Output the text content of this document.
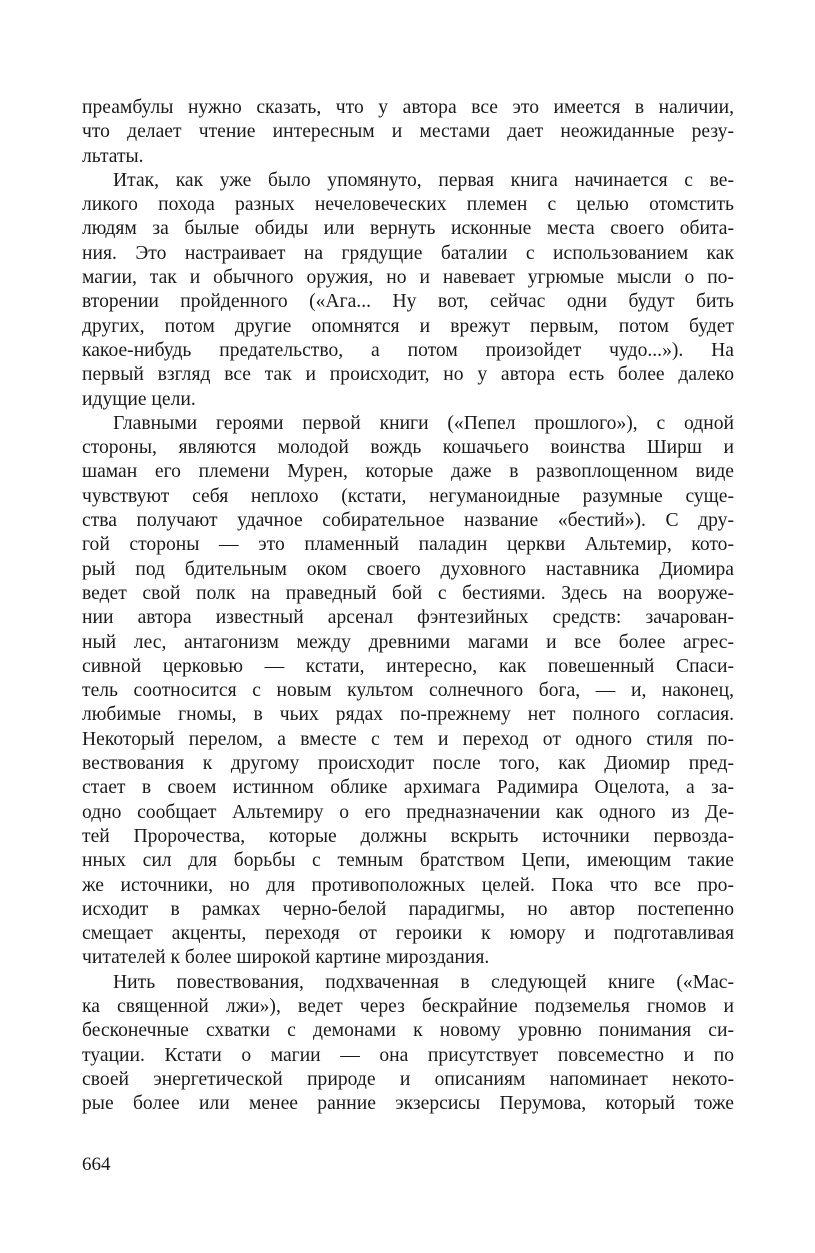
преамбулы нужно сказать, что у автора все это имеется в наличии,
что делает чтение интересным и местами дает неожиданные резу-
льтаты.
Итак, как уже было упомянуто, первая книга начинается с ве-
ликого похода разных нечеловеческих племен с целью отомстить
людям за былые обиды или вернуть исконные места своего обита-
ния. Это настраивает на грядущие баталии с использованием как
магии, так и обычного оружия, но и навевает угрюмые мысли о по-
вторении пройденного («Ага... Ну вот, сейчас одни будут бить
других, потом другие опомнятся и врежут первым, потом будет
какое-нибудь предательство, а потом произойдет чудо...»). На
первый взгляд все так и происходит, но у автора есть более далеко
идущие цели.
Главными героями первой книги («Пепел прошлого»), с одной
стороны, являются молодой вождь кошачьего воинства Ширш и
шаман его племени Мурен, которые даже в развоплощенном виде
чувствуют себя неплохо (кстати, негуманоидные разумные суще-
ства получают удачное собирательное название «бестий»). С дру-
гой стороны — это пламенный паладин церкви Альтемир, кото-
рый под бдительным оком своего духовного наставника Диомира
ведет свой полк на праведный бой с бестиями. Здесь на вооруже-
нии автора известный арсенал фэнтезийных средств: зачарован-
ный лес, антагонизм между древними магами и все более агрес-
сивной церковью — кстати, интересно, как повешенный Спаси-
тель соотносится с новым культом солнечного бога, — и, наконец,
любимые гномы, в чьих рядах по-прежнему нет полного согласия.
Некоторый перелом, а вместе с тем и переход от одного стиля по-
вествования к другому происходит после того, как Диомир пред-
стает в своем истинном облике архимага Радимира Оцелота, а за-
одно сообщает Альтемиру о его предназначении как одного из Де-
тей Пророчества, которые должны вскрыть источники первозда-
нных сил для борьбы с темным братством Цепи, имеющим такие
же источники, но для противоположных целей. Пока что все про-
исходит в рамках черно-белой парадигмы, но автор постепенно
смещает акценты, переходя от героики к юмору и подготавливая
читателей к более широкой картине мироздания.
Нить повествования, подхваченная в следующей книге («Мас-
ка священной лжи»), ведет через бескрайние подземелья гномов и
бесконечные схватки с демонами к новому уровню понимания си-
туации. Кстати о магии — она присутствует повсеместно и по
своей энергетической природе и описаниям напоминает некото-
рые более или менее ранние экзерсисы Перумова, который тоже
664
